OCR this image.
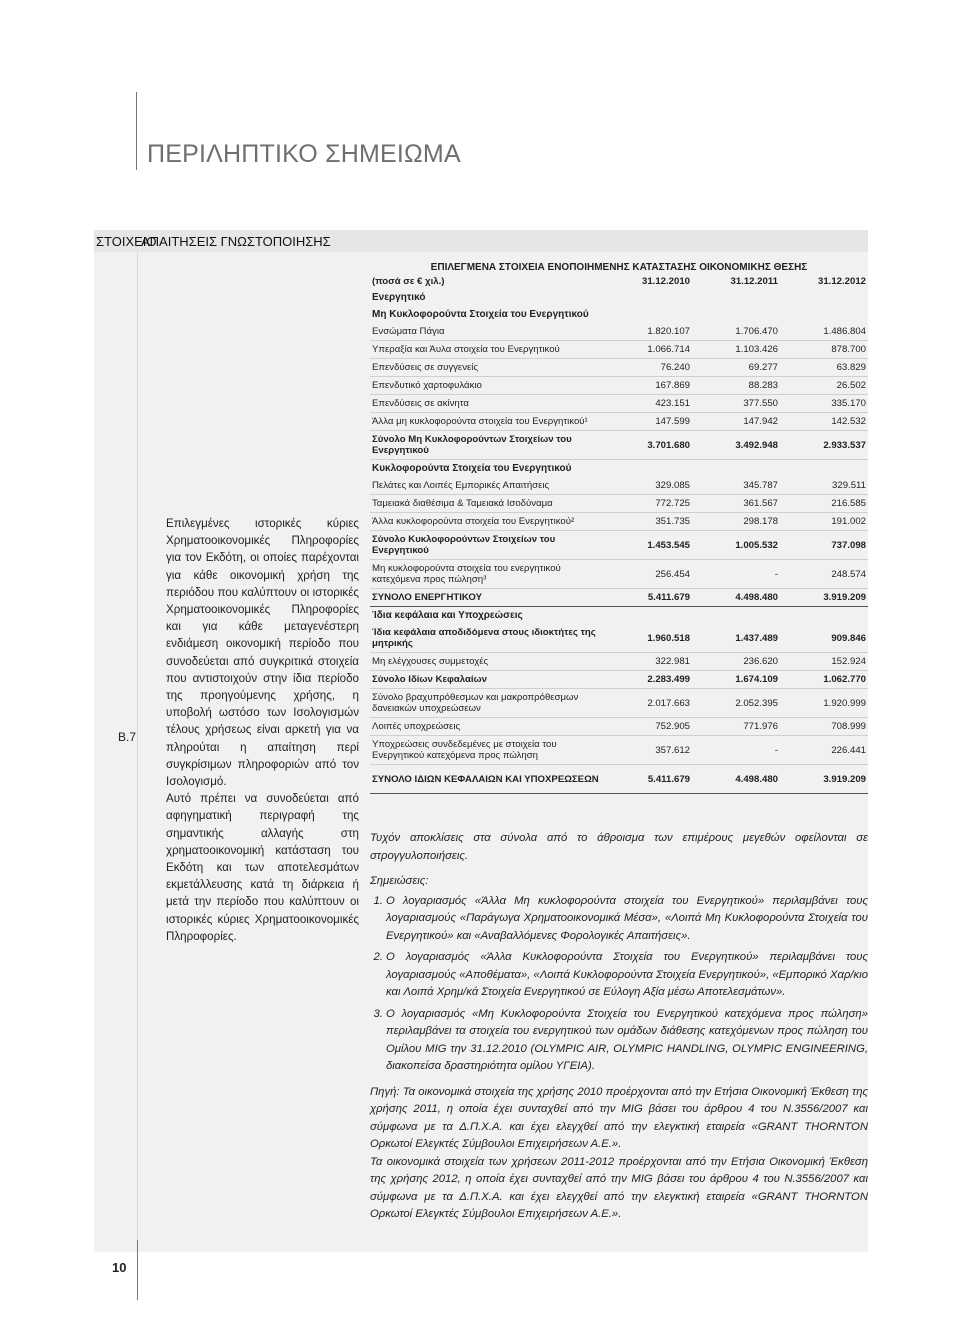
ΠΕΡΙΛΗΠΤΙΚΟ ΣΗΜΕΙΩΜΑ
ΣΤΟΙΧΕΙΟ
ΑΠΑΙΤΗΣΕΙΣ ΓΝΩΣΤΟΠΟΙΗΣΗΣ
B.7

Επιλεγμένες ιστορικές κύριες Χρηματοοικονομικές Πληροφορίες για τον Εκδότη, οι οποίες παρέχονται για κάθε οικονομική χρήση της περιόδου που καλύπτουν οι ιστορικές Χρηματοοικονομικές Πληροφορίες και για κάθε μεταγενέστερη ενδιάμεση οικονομική περίοδο που συνοδεύεται από συγκριτικά στοιχεία που αντιστοιχούν στην ίδια περίοδο της προηγούμενης χρήσης, η υποβολή ωστόσο των Ισολογισμών τέλους χρήσεως είναι αρκετή για να πληρούται η απαίτηση περί συγκρίσιμων πληροφοριών από τον Ισολογισμό.

Αυτό πρέπει να συνοδεύεται από αφηγηματική περιγραφή της σημαντικής αλλαγής στη χρηματοοικονομική κατάσταση του Εκδότη και των αποτελεσμάτων εκμετάλλευσης κατά τη διάρκεια ή μετά την περίοδο που καλύπτουν οι ιστορικές κύριες Χρηματοοικονομικές Πληροφορίες.

ΕΠΙΛΕΓΜΕΝΑ ΣΤΟΙΧΕΙΑ ΕΝΟΠΟΙΗΜΕΝΗΣ ΚΑΤΑΣΤΑΣΗΣ ΟΙΚΟΝΟΜΙΚΗΣ ΘΕΣΗΣ			
(ποσά σε € χιλ.)	31.12.2010	31.12.2011	31.12.2012
Ενεργητικό			
Μη Κυκλοφορούντα Στοιχεία του Ενεργητικού			
Ενσώματα Πάγια	1.820.107	1.706.470	1.486.804
Υπεραξία και Άυλα στοιχεία του Ενεργητικού	1.066.714	1.103.426	878.700
Επενδύσεις σε συγγενείς	76.240	69.277	63.829
Επενδυτικό χαρτοφυλάκιο	167.869	88.283	26.502
Επενδύσεις σε ακίνητα	423.151	377.550	335.170
Άλλα μη κυκλοφορούντα στοιχεία του Ενεργητικού¹	147.599	147.942	142.532
Σύνολο Μη Κυκλοφορούντων Στοιχείων του Ενεργητικού	3.701.680	3.492.948	2.933.537
Κυκλοφορούντα Στοιχεία του Ενεργητικού			
Πελάτες και Λοιπές Εμπορικές Απαιτήσεις	329.085	345.787	329.511
Ταμειακά διαθέσιμα & Ταμειακά Ισοδύναμα	772.725	361.567	216.585
Άλλα κυκλοφορούντα στοιχεία του Ενεργητικού²	351.735	298.178	191.002
Σύνολο Κυκλοφορούντων Στοιχείων του Ενεργητικού	1.453.545	1.005.532	737.098
Μη κυκλοφορούντα στοιχεία του ενεργητικού κατεχόμενα προς πώληση³	256.454	-	248.574
ΣΥΝΟΛΟ ΕΝΕΡΓΗΤΙΚΟΥ	5.411.679	4.498.480	3.919.209
Ίδια κεφάλαια και Υποχρεώσεις			
Ίδια κεφάλαια αποδιδόμενα στους ιδιοκτήτες της μητρικής	1.960.518	1.437.489	909.846
Μη ελέγχουσες συμμετοχές	322.981	236.620	152.924
Σύνολο Ιδίων Κεφαλαίων	2.283.499	1.674.109	1.062.770
Σύνολο βραχυπρόθεσμων και μακροπρόθεσμων δανειακών υποχρεώσεων	2.017.663	2.052.395	1.920.999
Λοιπές υποχρεώσεις	752.905	771.976	708.999
Υποχρεώσεις συνδεδεμένες με στοιχεία του Ενεργητικού κατεχόμενα προς πώληση	357.612	-	226.441
ΣΥΝΟΛΟ ΙΔΙΩΝ ΚΕΦΑΛΑΙΩΝ ΚΑΙ ΥΠΟΧΡΕΩΣΕΩΝ	5.411.679	4.498.480	3.919.209

Τυχόν αποκλίσεις στα σύνολα από το άθροισμα των επιμέρους μεγεθών οφείλονται σε στρογγυλοποιήσεις.

Σημειώσεις:

1. Ο λογαριασμός «Άλλα Μη κυκλοφορούντα στοιχεία του Ενεργητικού» περιλαμβάνει τους λογαριασμούς «Παράγωγα Χρηματοοικονομικά Μέσα», «Λοιπά Μη Κυκλοφορούντα Στοιχεία του Ενεργητικού» και «Αναβαλλόμενες Φορολογικές Απαιτήσεις».
2. Ο λογαριασμός «Άλλα Κυκλοφορούντα Στοιχεία του Ενεργητικού» περιλαμβάνει τους λογαριασμούς «Αποθέματα», «Λοιπά Κυκλοφορούντα Στοιχεία Ενεργητικού», «Εμπορικό Χαρ/κιο και Λοιπά Χρημ/κά Στοιχεία Ενεργητικού σε Εύλογη Αξία μέσω Αποτελεσμάτων».
3. Ο λογαριασμός «Μη Κυκλοφορούντα Στοιχεία του Ενεργητικού κατεχόμενα προς πώληση» περιλαμβάνει τα στοιχεία του ενεργητικού των ομάδων διάθεσης κατεχόμενων προς πώληση του Ομίλου MIG την 31.12.2010 (OLYMPIC AIR, OLYMPIC HANDLING, OLYMPIC ENGINEERING, διακοπείσα δραστηριότητα ομίλου ΥΓΕΙΑ).

Πηγή: Τα οικονομικά στοιχεία της χρήσης 2010 προέρχονται από την Ετήσια Οικονομική Έκθεση της χρήσης 2011, η οποία έχει συνταχθεί από την MIG βάσει του άρθρου 4 του Ν.3556/2007 και σύμφωνα με τα Δ.Π.Χ.Α. και έχει ελεγχθεί από την ελεγκτική εταιρεία «GRANT THORNTON Ορκωτοί Ελεγκτές Σύμβουλοι Επιχειρήσεων Α.Ε.».

Τα οικονομικά στοιχεία των χρήσεων 2011-2012 προέρχονται από την Ετήσια Οικονομική Έκθεση της χρήσης 2012, η οποία έχει συνταχθεί από την MIG βάσει του άρθρου 4 του Ν.3556/2007 και σύμφωνα με τα Δ.Π.Χ.Α. και έχει ελεγχθεί από την ελεγκτική εταιρεία «GRANT THORNTON Ορκωτοί Ελεγκτές Σύμβουλοι Επιχειρήσεων Α.Ε.».

10
